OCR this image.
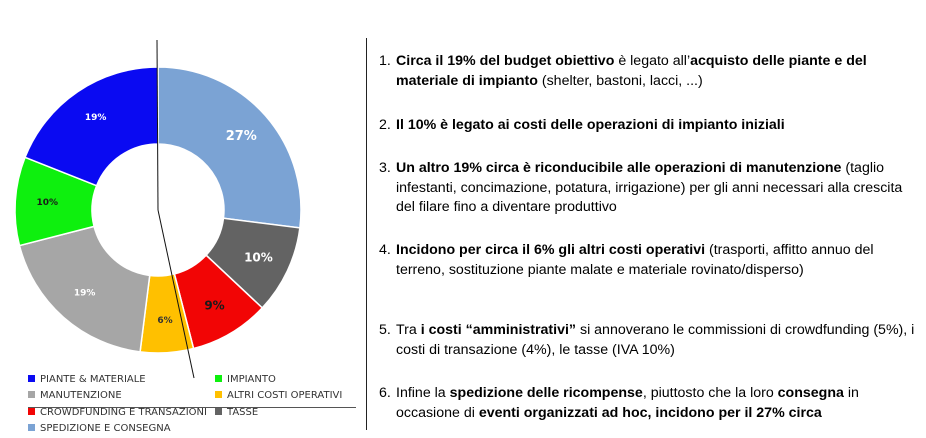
27%
10%
9%
6%
19%
10%
19%
PIANTE & MATERIALE	IMPIANTO
MANUTENZIONE	ALTRI COSTI OPERATIVI
CROWDFUNDING E TRANSAZIONI	TASSE
SPEDIZIONE E CONSEGNA
1. Circa il 19% del budget obiettivo è legato all’acquisto delle piante e del materiale di impianto (shelter, bastoni, lacci, ...)
2. Il 10% è legato ai costi delle operazioni di impianto iniziali
3. Un altro 19% circa è riconducibile alle operazioni di manutenzione (taglio infestanti, concimazione, potatura, irrigazione) per gli anni necessari alla crescita del filare fino a diventare produttivo
4. Incidono per circa il 6% gli altri costi operativi (trasporti, affitto annuo del terreno, sostituzione piante malate e materiale rovinato/disperso)
5. Tra i costi “amministrativi” si annoverano le commissioni di crowdfunding (5%), i costi di transazione (4%), le tasse (IVA 10%)
6. Infine la spedizione delle ricompense, piuttosto che la loro consegna in occasione di eventi organizzati ad hoc, incidono per il 27% circa
